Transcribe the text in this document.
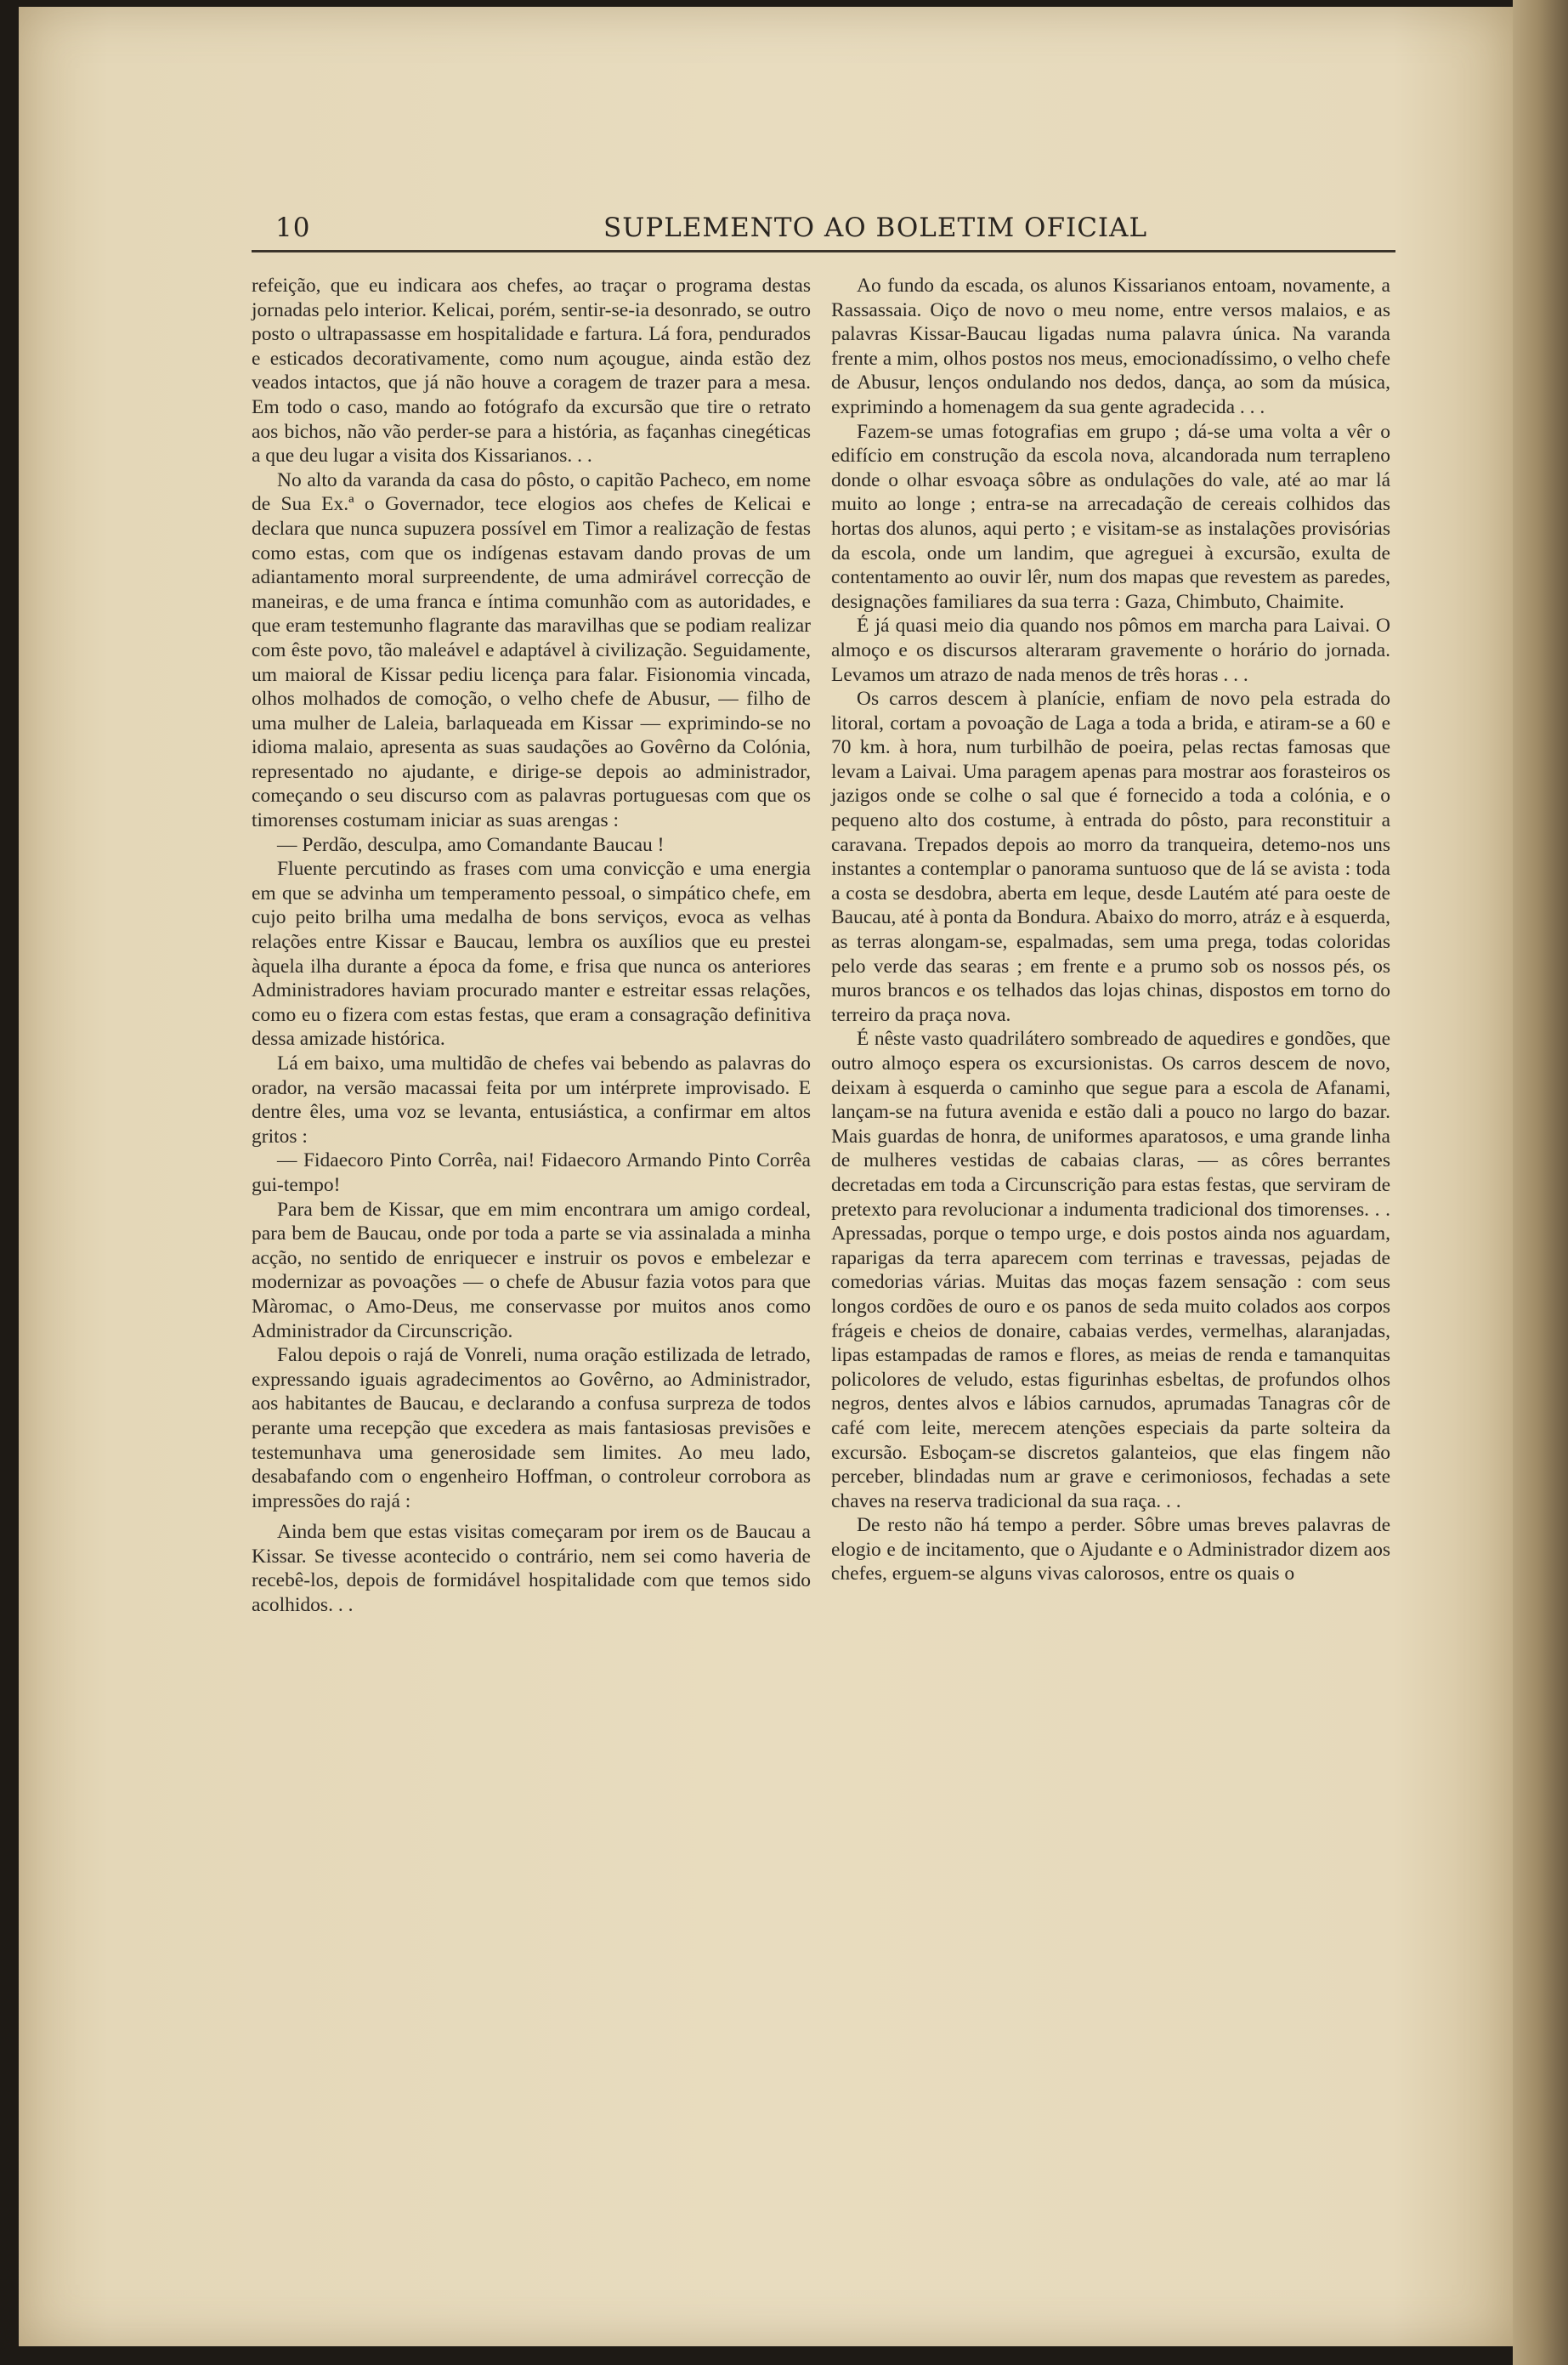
10	SUPLEMENTO AO BOLETIM OFICIAL

refeição, que eu indicara aos chefes, ao traçar o programa destas jornadas pelo interior. Kelicai, porém, sentir-se-ia desonrado, se outro posto o ultrapassasse em hospitalidade e fartura. Lá fora, pendurados e esticados decorativamente, como num açougue, ainda estão dez veados intactos, que já não houve a coragem de trazer para a mesa. Em todo o caso, mando ao fotógrafo da excursão que tire o retrato aos bichos, não vão perder-se para a história, as façanhas cinegéticas a que deu lugar a visita dos Kissarianos. . .

No alto da varanda da casa do pôsto, o capitão Pacheco, em nome de Sua Ex.ª o Governador, tece elogios aos chefes de Kelicai e declara que nunca supuzera possível em Timor a realização de festas como estas, com que os indígenas estavam dando provas de um adiantamento moral surpreendente, de uma admirável correcção de maneiras, e de uma franca e íntima comunhão com as autoridades, e que eram testemunho flagrante das maravilhas que se podiam realizar com êste povo, tão maleável e adaptável à civilização. Seguidamente, um maioral de Kissar pediu licença para falar. Fisionomia vincada, olhos molhados de comoção, o velho chefe de Abusur, — filho de uma mulher de Laleia, barlaqueada em Kissar — exprimindo-se no idioma malaio, apresenta as suas saudações ao Govêrno da Colónia, representado no ajudante, e dirige-se depois ao administrador, começando o seu discurso com as palavras portuguesas com que os timorenses costumam iniciar as suas arengas :

— Perdão, desculpa, amo Comandante Baucau !

Fluente percutindo as frases com uma convicção e uma energia em que se advinha um temperamento pessoal, o simpático chefe, em cujo peito brilha uma medalha de bons serviços, evoca as velhas relações entre Kissar e Baucau, lembra os auxílios que eu prestei àquela ilha durante a época da fome, e frisa que nunca os anteriores Administradores haviam procurado manter e estreitar essas relações, como eu o fizera com estas festas, que eram a consagração definitiva dessa amizade histórica.

Lá em baixo, uma multidão de chefes vai bebendo as palavras do orador, na versão macassai feita por um intérprete improvisado. E dentre êles, uma voz se levanta, entusiástica, a confirmar em altos gritos :

— Fidaecoro Pinto Corrêa, nai! Fidaecoro Armando Pinto Corrêa gui-tempo!

Para bem de Kissar, que em mim encontrara um amigo cordeal, para bem de Baucau, onde por toda a parte se via assinalada a minha acção, no sentido de enriquecer e instruir os povos e embelezar e modernizar as povoações — o chefe de Abusur fazia votos para que Màromac, o Amo-Deus, me conservasse por muitos anos como Administrador da Circunscrição.

Falou depois o rajá de Vonreli, numa oração estilizada de letrado, expressando iguais agradecimentos ao Govêrno, ao Administrador, aos habitantes de Baucau, e declarando a confusa surpreza de todos perante uma recepção que excedera as mais fantasiosas previsões e testemunhava uma generosidade sem limites. Ao meu lado, desabafando com o engenheiro Hoffman, o controleur corrobora as impressões do rajá :

Ainda bem que estas visitas começaram por irem os de Baucau a Kissar. Se tivesse acontecido o contrário, nem sei como haveria de recebê-los, depois de formidável hospitalidade com que temos sido acolhidos. . .

Ao fundo da escada, os alunos Kissarianos entoam, novamente, a Rassassaia. Oiço de novo o meu nome, entre versos malaios, e as palavras Kissar-Baucau ligadas numa palavra única. Na varanda frente a mim, olhos postos nos meus, emocionadíssimo, o velho chefe de Abusur, lenços ondulando nos dedos, dança, ao som da música, exprimindo a homenagem da sua gente agradecida . . .

Fazem-se umas fotografias em grupo ; dá-se uma volta a vêr o edifício em construção da escola nova, alcandorada num terrapleno donde o olhar esvoaça sôbre as ondulações do vale, até ao mar lá muito ao longe ; entra-se na arrecadação de cereais colhidos das hortas dos alunos, aqui perto ; e visitam-se as instalações provisórias da escola, onde um landim, que agreguei à excursão, exulta de contentamento ao ouvir lêr, num dos mapas que revestem as paredes, designações familiares da sua terra : Gaza, Chimbuto, Chaimite.

É já quasi meio dia quando nos pômos em marcha para Laivai. O almoço e os discursos alteraram gravemente o horário do jornada. Levamos um atrazo de nada menos de três horas . . .

Os carros descem à planície, enfiam de novo pela estrada do litoral, cortam a povoação de Laga a toda a brida, e atiram-se a 60 e 70 km. à hora, num turbilhão de poeira, pelas rectas famosas que levam a Laivai. Uma paragem apenas para mostrar aos forasteiros os jazigos onde se colhe o sal que é fornecido a toda a colónia, e o pequeno alto dos costume, à entrada do pôsto, para reconstituir a caravana. Trepados depois ao morro da tranqueira, detemo-nos uns instantes a contemplar o panorama suntuoso que de lá se avista : toda a costa se desdobra, aberta em leque, desde Lautém até para oeste de Baucau, até à ponta da Bondura. Abaixo do morro, atráz e à esquerda, as terras alongam-se, espalmadas, sem uma prega, todas coloridas pelo verde das searas ; em frente e a prumo sob os nossos pés, os muros brancos e os telhados das lojas chinas, dispostos em torno do terreiro da praça nova.

É nêste vasto quadrilátero sombreado de aquedires e gondões, que outro almoço espera os excursionistas. Os carros descem de novo, deixam à esquerda o caminho que segue para a escola de Afanami, lançam-se na futura avenida e estão dali a pouco no largo do bazar. Mais guardas de honra, de uniformes aparatosos, e uma grande linha de mulheres vestidas de cabaias claras, — as côres berrantes decretadas em toda a Circunscrição para estas festas, que serviram de pretexto para revolucionar a indumenta tradicional dos timorenses. . . Apressadas, porque o tempo urge, e dois postos ainda nos aguardam, raparigas da terra aparecem com terrinas e travessas, pejadas de comedorias várias. Muitas das moças fazem sensação : com seus longos cordões de ouro e os panos de seda muito colados aos corpos frágeis e cheios de donaire, cabaias verdes, vermelhas, alaranjadas, lipas estampadas de ramos e flores, as meias de renda e tamanquitas policolores de veludo, estas figurinhas esbeltas, de profundos olhos negros, dentes alvos e lábios carnudos, aprumadas Tanagras côr de café com leite, merecem atenções especiais da parte solteira da excursão. Esboçam-se discretos galanteios, que elas fingem não perceber, blindadas num ar grave e cerimoniosos, fechadas a sete chaves na reserva tradicional da sua raça. . .

De resto não há tempo a perder. Sôbre umas breves palavras de elogio e de incitamento, que o Ajudante e o Administrador dizem aos chefes, erguem-se alguns vivas calorosos, entre os quais o
